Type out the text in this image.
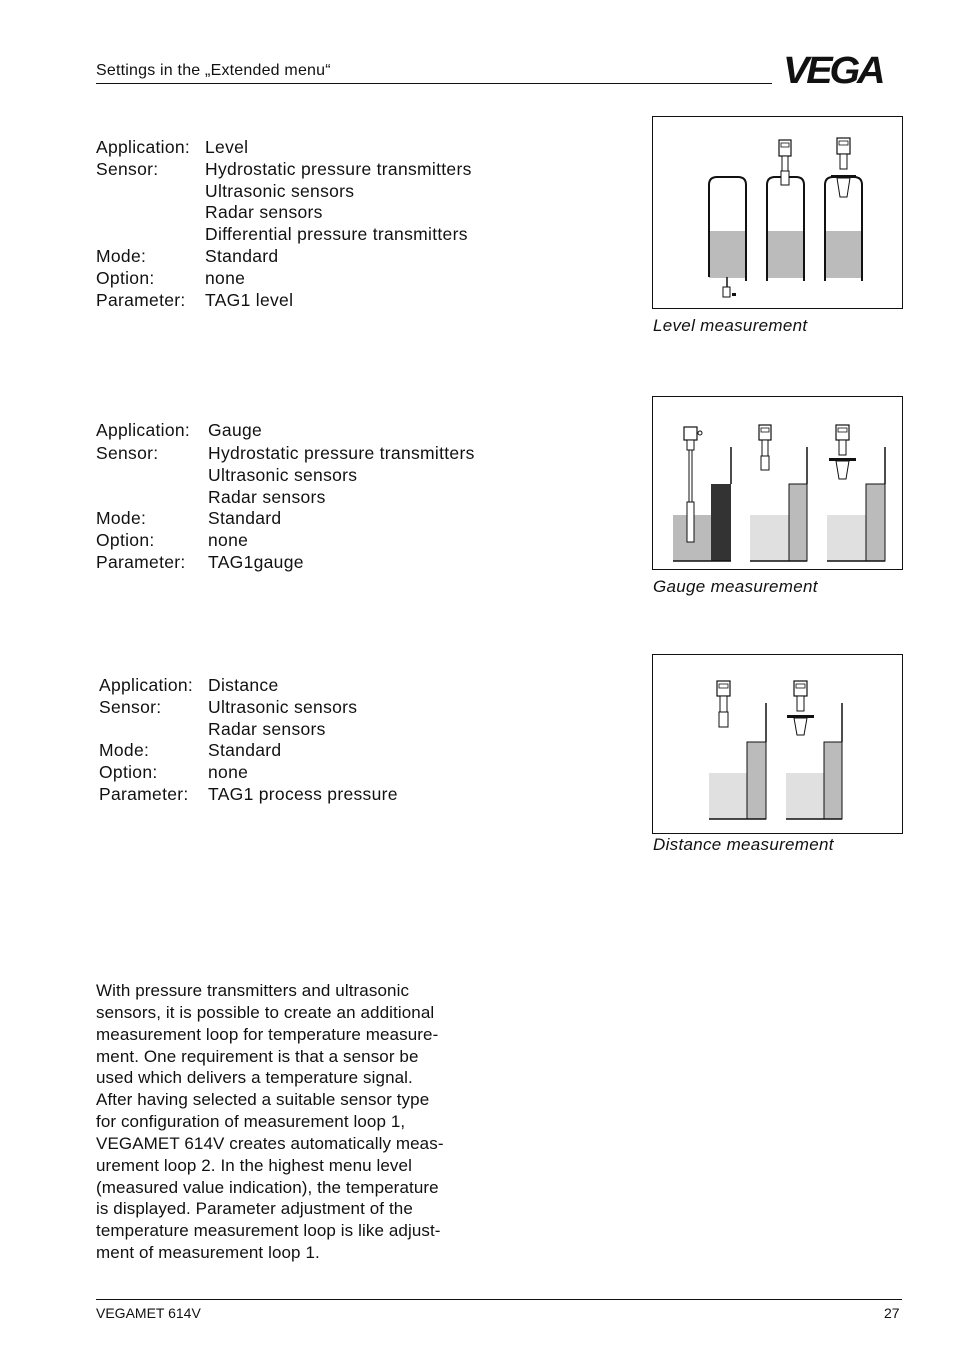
Settings in the „Extended menu“	VEGA
Application: Level
Sensor:	Hydrostatic pressure transmitters
Ultrasonic sensors
Radar sensors
Differential pressure transmitters
Mode:	Standard
Option:	none
Parameter: TAG1 level
Level measurement
Application: Gauge
Sensor:	Hydrostatic pressure transmitters
Ultrasonic sensors
Radar sensors
Mode:	Standard
Option:	none
Parameter: TAG1gauge
Gauge measurement
Application: Distance
Sensor:	Ultrasonic sensors
Radar sensors
Mode:	Standard
Option:	none
Parameter: TAG1 process pressure
Distance measurement
With pressure transmitters and ultrasonic
sensors, it is possible to create an additional
measurement loop for temperature measure-
ment. One requirement is that a sensor be
used which delivers a temperature signal.
After having selected a suitable sensor type
for configuration of measurement loop 1,
VEGAMET 614V creates automatically meas-
urement loop 2. In the highest menu level
(measured value indication), the temperature
is displayed. Parameter adjustment of the
temperature measurement loop is like adjust-
ment of measurement loop 1.
VEGAMET 614V	27
